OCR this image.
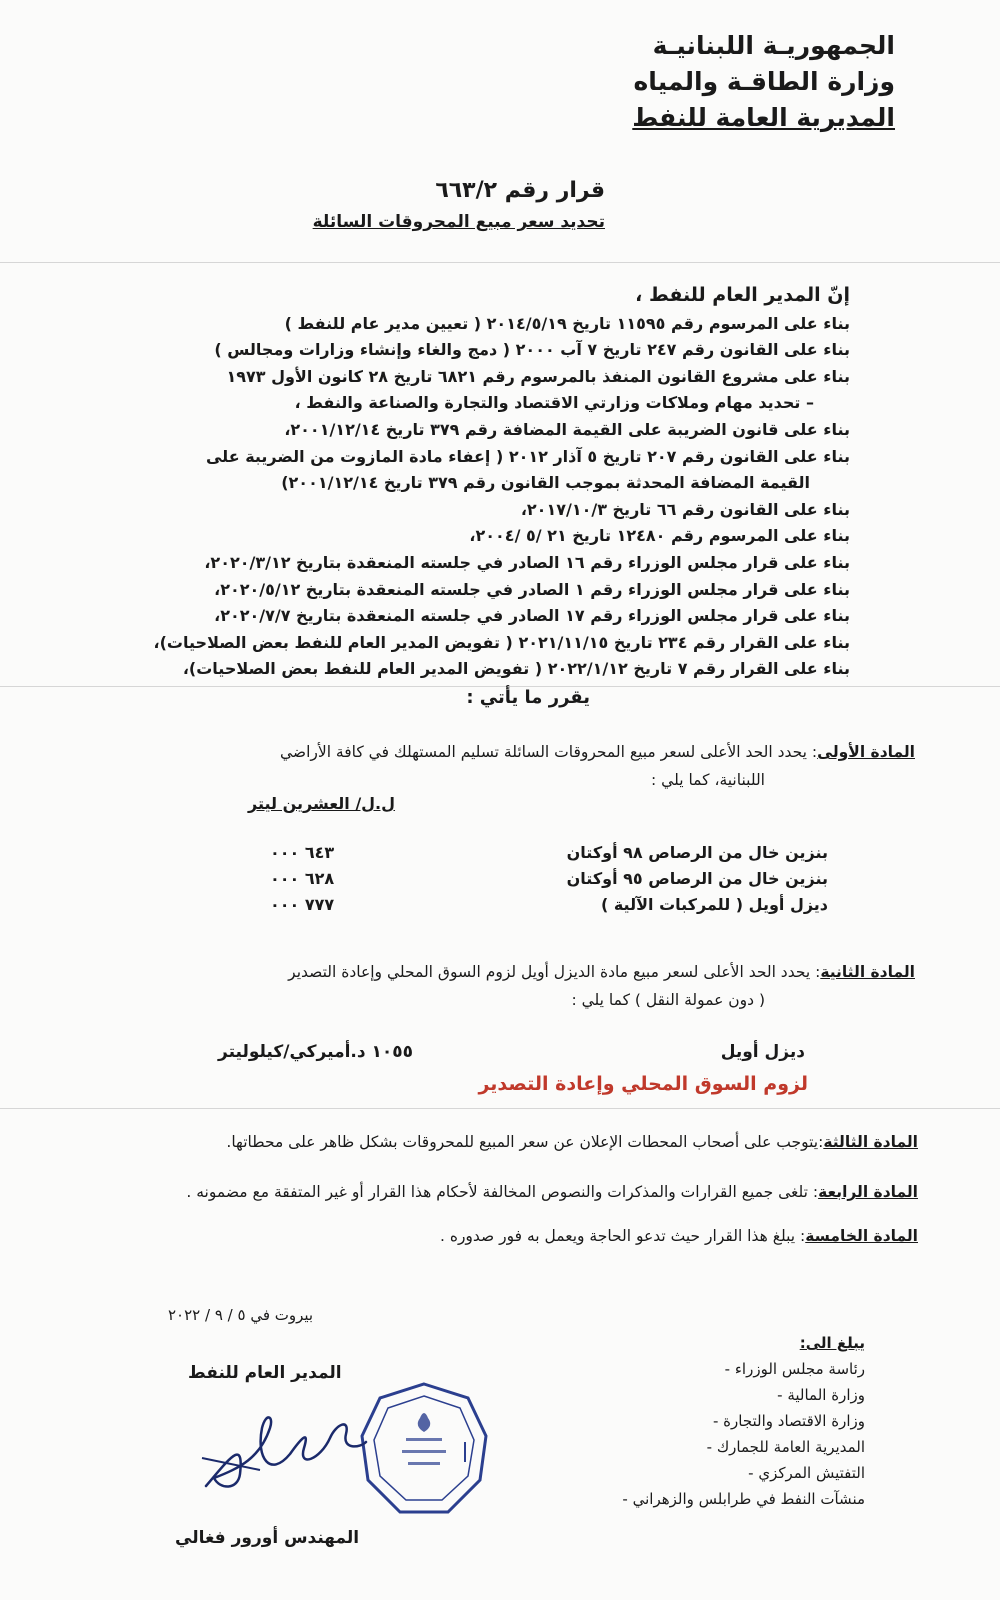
الجمهوريـة اللبنانيـة
وزارة الطاقـة والمياه
المديرية العامة للنفط
قرار رقم ٦٦٣/٢
تحديد سعر مبيع المحروقات السائلة
إنّ المدير العام للنفط ،
بناء على المرسوم رقم ١١٥٩٥ تاريخ ٢٠١٤/٥/١٩ ( تعيين مدير عام للنفط )
بناء على القانون رقم ٢٤٧ تاريخ ٧ آب ٢٠٠٠ ( دمج والغاء وإنشاء وزارات ومجالس )
بناء على مشروع القانون المنفذ بالمرسوم رقم ٦٨٢١ تاريخ ٢٨ كانون الأول ١٩٧٣
– تحديد مهام وملاكات وزارتي الاقتصاد والتجارة والصناعة والنفط ،
بناء على قانون الضريبة على القيمة المضافة رقم ٣٧٩ تاريخ ٢٠٠١/١٢/١٤،
بناء على القانون رقم ٢٠٧ تاريخ ٥ آذار ٢٠١٢ ( إعفاء مادة المازوت من الضريبة على
القيمة المضافة المحدثة بموجب القانون رقم ٣٧٩ تاريخ ٢٠٠١/١٢/١٤)
بناء على القانون رقم ٦٦ تاريخ ٢٠١٧/١٠/٣،
بناء على المرسوم رقم ١٢٤٨٠ تاريخ ٢١ /٥ /٢٠٠٤،
بناء على قرار مجلس الوزراء رقم ١٦ الصادر في جلسته المنعقدة بتاريخ ٢٠٢٠/٣/١٢،
بناء على قرار مجلس الوزراء رقم ١ الصادر في جلسته المنعقدة بتاريخ ٢٠٢٠/٥/١٢،
بناء على قرار مجلس الوزراء رقم ١٧ الصادر في جلسته المنعقدة بتاريخ ٢٠٢٠/٧/٧،
بناء على القرار رقم ٢٣٤ تاريخ ٢٠٢١/١١/١٥ ( تفويض المدير العام للنفط بعض الصلاحيات)،
بناء على القرار رقم ٧ تاريخ ٢٠٢٢/١/١٢ ( تفويض المدير العام للنفط بعض الصلاحيات)،
يقرر ما يأتي :
المادة الأولى: يحدد الحد الأعلى لسعر مبيع المحروقات السائلة تسليم المستهلك في كافة الأراضي
اللبنانية، كما يلي :
ل.ل/ العشرين ليتر
بنزين خال من الرصاص ٩٨ أوكتان
٦٤٣ ٠٠٠
بنزين خال من الرصاص ٩٥ أوكتان
٦٢٨ ٠٠٠
ديزل أويل ( للمركبات الآلية )
٧٧٧ ٠٠٠
المادة الثانية: يحدد الحد الأعلى لسعر مبيع مادة الديزل أويل لزوم السوق المحلي وإعادة التصدير
( دون عمولة النقل ) كما يلي :
ديزل أويل
١٠٥٥ د.أميركي/كيلوليتر
لزوم السوق المحلي وإعادة التصدير
المادة الثالثة:يتوجب على أصحاب المحطات الإعلان عن سعر المبيع للمحروقات بشكل ظاهر على محطاتها.
المادة الرابعة: تلغى جميع القرارات والمذكرات والنصوص المخالفة لأحكام هذا القرار أو غير المتفقة مع مضمونه .
المادة الخامسة: يبلغ هذا القرار حيث تدعو الحاجة ويعمل به فور صدوره .
بيروت في ٥ / ٩ / ٢٠٢٢
المدير العام للنفط
يبلغ الى:
رئاسة مجلس الوزراء -
وزارة المالية -
وزارة الاقتصاد والتجارة -
المديرية العامة للجمارك -
التفتيش المركزي -
منشآت النفط في طرابلس والزهراني -
المهندس أورور فغالي
